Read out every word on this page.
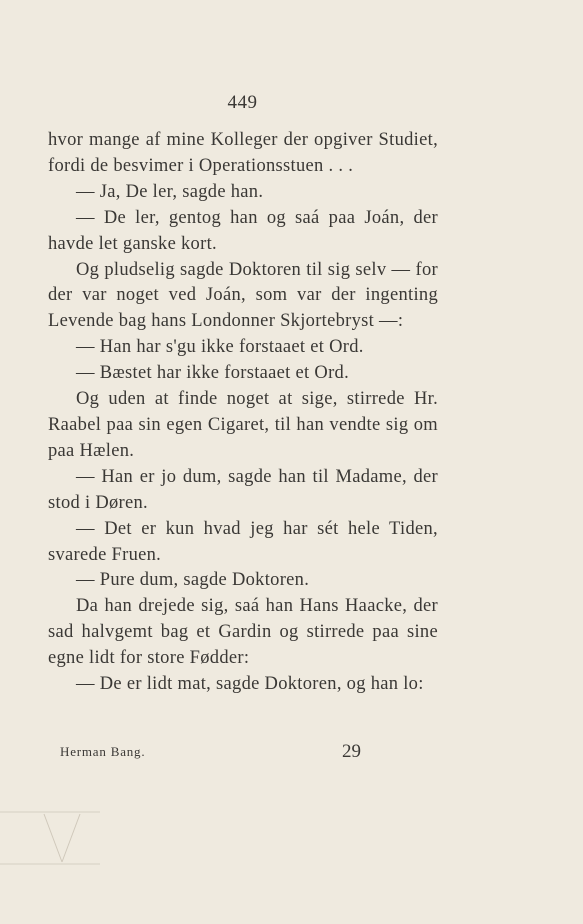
449

hvor mange af mine Kolleger der opgiver Studiet, fordi de besvimer i Operationsstuen . . .

— Ja, De ler, sagde han.

— De ler, gentog han og saá paa Joán, der havde let ganske kort.

Og pludselig sagde Doktoren til sig selv — for der var noget ved Joán, som var der ingenting Levende bag hans Londonner Skjortebryst —:

— Han har s'gu ikke forstaaet et Ord.

— Bæstet har ikke forstaaet et Ord.

Og uden at finde noget at sige, stirrede Hr. Raabel paa sin egen Cigaret, til han vendte sig om paa Hælen.

— Han er jo dum, sagde han til Madame, der stod i Døren.

— Det er kun hvad jeg har sét hele Tiden, svarede Fruen.

— Pure dum, sagde Doktoren.

Da han drejede sig, saá han Hans Haacke, der sad halvgemt bag et Gardin og stirrede paa sine egne lidt for store Fødder:

— De er lidt mat, sagde Doktoren, og han lo:

Herman Bang.	29
